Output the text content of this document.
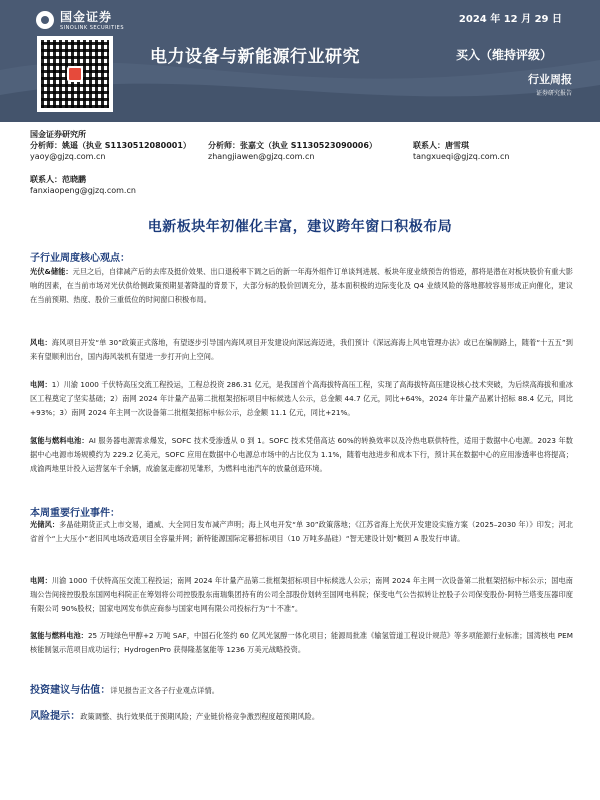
国金证券
SINOLINK SECURITIES
2024 年 12 月 29 日
电力设备与新能源行业研究	买入（维持评级）
行业周报
证券研究报告
国金证券研究所
分析师：姚遥（执业 S1130512080001）
yaoy@gjzq.com.cn
分析师：张嘉文（执业 S1130523090006）
zhangjiawen@gjzq.com.cn
联系人：唐雪琪
tangxueqi@gjzq.com.cn
联系人：范晓鹏
fanxiaopeng@gjzq.com.cn
电新板块年初催化丰富，建议跨年窗口积极布局
子行业周度核心观点：
光伏&储能：元旦之后，自律减产后的去库及挺价效果、出口退税率下调之后的新一年海外组件订单谈判进展、板块年度业绩预告的悟迹，都将是潜在对板块股价有重大影响的因素，在当前市场对光伏供给侧政策预期显著降温的背景下，大部分标的股价回调充分，基本面积极的边际变化及 Q4 业绩风险的落地都较容易形成正向催化，建议在当前预期、热度、股价三重低位的时间窗口积极布局。
风电：海风项目开发“单 30”政策正式落地，有望逐步引导国内海风项目开发建设向深远海迈进，我们预计《深远海海上风电管理办法》或已在编制路上，随着“十五五”到来有望顺利出台，国内海风装机有望进一步打开向上空间。
电网：1）川渝 1000 千伏特高压交流工程投运，工程总投资 286.31 亿元，是我国首个高海拔特高压工程，实现了高海拔特高压建设核心技术突破，为后续高海拔和重冰区工程奠定了坚实基础；2）南网 2024 年计量产品第二批框架招标项目中标候选人公示，总金额 44.7 亿元，同比+64%，2024 年计量产品累计招标 88.4 亿元，同比+93%；3）南网 2024 年主网一次设备第二批框架招标中标公示，总金额 11.1 亿元，同比+21%。
氢能与燃料电池：AI 服务器电源需求爆发，SOFC 技术受渗透从 0 到 1。SOFC 技术凭借高达 60%的转换效率以及冷热电联供特性，适用于数据中心电源。2023 年数据中心电源市场规模约为 229.2 亿美元，SOFC 应用在数据中心电源总市场中的占比仅为 1.1%，随着电池进步和成本下行，预计其在数据中心的应用渗透率也将提高；成渝两地里计投入运营氢车千余辆，成渝氢走廊初见雏形，为燃料电池汽车的放量创造环境。
本周重要行业事件：
光储风：多晶硅期货正式上市交易，通威、大全同日发布减产声明；海上风电开发“单 30”政策落地；《江苏省海上光伏开发建设实施方案（2025–2030 年）》印发；河北省首个“上大压小”老旧风电场改造项目全容量并网；新特能源国际定幕招标项目（10 万吨多晶硅）“智无建设计划”概回 A 股发行申请。
电网：川渝 1000 千伏特高压交流工程投运；南网 2024 年计量产品第二批框架招标项目中标候选人公示；南网 2024 年主网一次设备第二批框架招标中标公示；国电南瑞公告间接控股股东国网电科院正在筹划将公司控股股东南瑞集团持有的公司全部股份划转至国网电科院；保变电气公告拟转让控股子公司保变股份-阿特兰塔变压器印度有限公司 90%股权；国家电网发布供应商参与国家电网有限公司投标行为“十不准”。
氢能与燃料电池：25 万吨绿色甲醇+2 万吨 SAF，中国石化签约 60 亿风光氢醇一体化项目；能源局批准《输氢管道工程设计规范》等多项能源行业标准；国湾核电 PEM 核能制氢示范项目成功运行；HydrogenPro 获得隆基氢能等 1236 万美元战略投资。
投资建议与估值：详见报告正文各子行业观点详情。
风险提示：政策调整、执行效果低于预期风险；产业链价格竞争激烈程度超预期风险。
